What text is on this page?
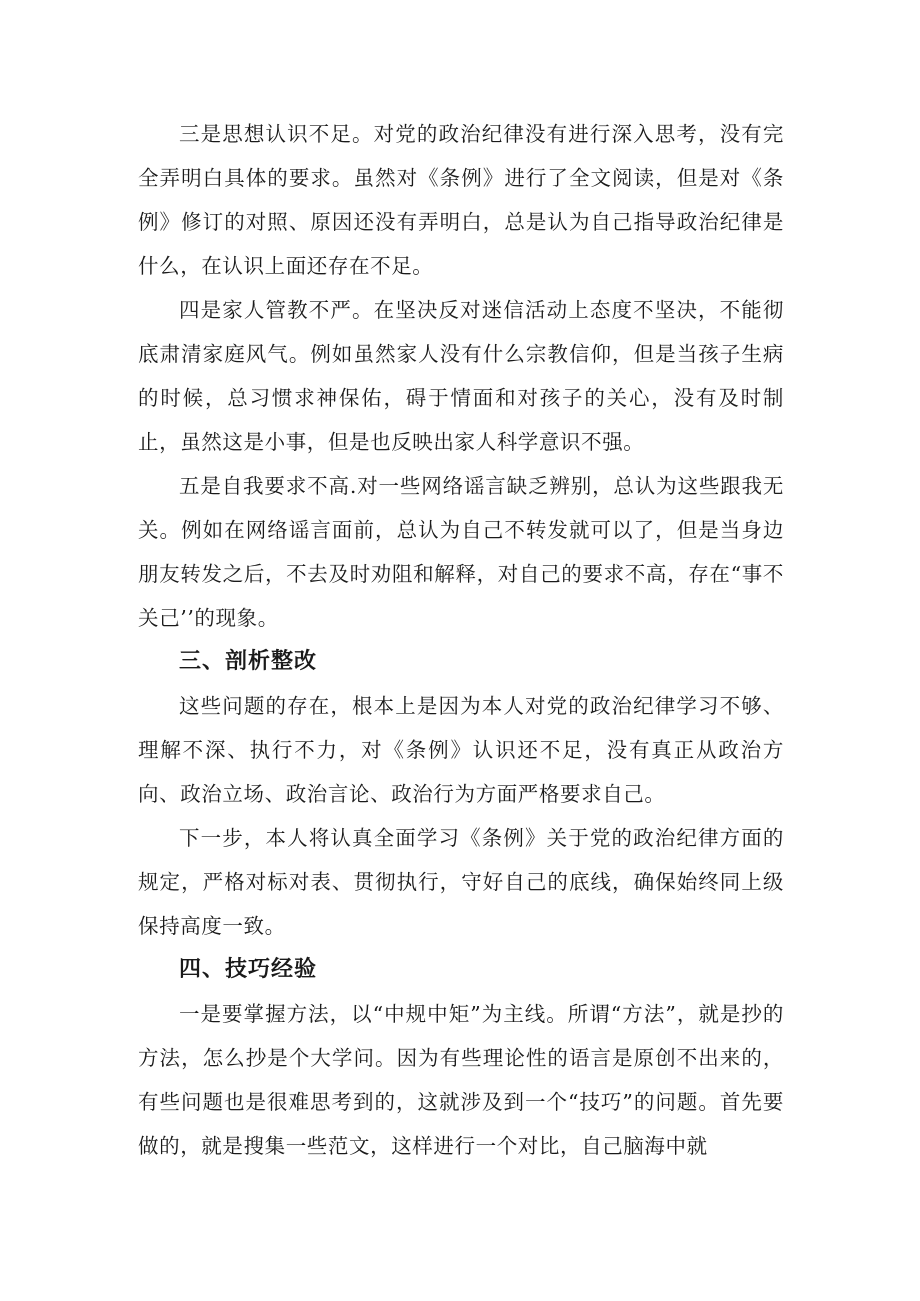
三是思想认识不足。对党的政治纪律没有进行深入思考，没有完全弄明白具体的要求。虽然对《条例》进行了全文阅读，但是对《条例》修订的对照、原因还没有弄明白，总是认为自己指导政治纪律是什么，在认识上面还存在不足。

四是家人管教不严。在坚决反对迷信活动上态度不坚决，不能彻底肃清家庭风气。例如虽然家人没有什么宗教信仰，但是当孩子生病的时候，总习惯求神保佑，碍于情面和对孩子的关心，没有及时制止，虽然这是小事，但是也反映出家人科学意识不强。

五是自我要求不高.对一些网络谣言缺乏辨别，总认为这些跟我无关。例如在网络谣言面前，总认为自己不转发就可以了，但是当身边朋友转发之后，不去及时劝阻和解释，对自己的要求不高，存在“事不关己’’的现象。

三、剖析整改

这些问题的存在，根本上是因为本人对党的政治纪律学习不够、理解不深、执行不力，对《条例》认识还不足，没有真正从政治方向、政治立场、政治言论、政治行为方面严格要求自己。

下一步，本人将认真全面学习《条例》关于党的政治纪律方面的规定，严格对标对表、贯彻执行，守好自己的底线，确保始终同上级保持高度一致。

四、技巧经验

一是要掌握方法，以“中规中矩”为主线。所谓“方法”，就是抄的方法，怎么抄是个大学问。因为有些理论性的语言是原创不出来的，有些问题也是很难思考到的，这就涉及到一个“技巧”的问题。首先要做的，就是搜集一些范文，这样进行一个对比，自己脑海中就
